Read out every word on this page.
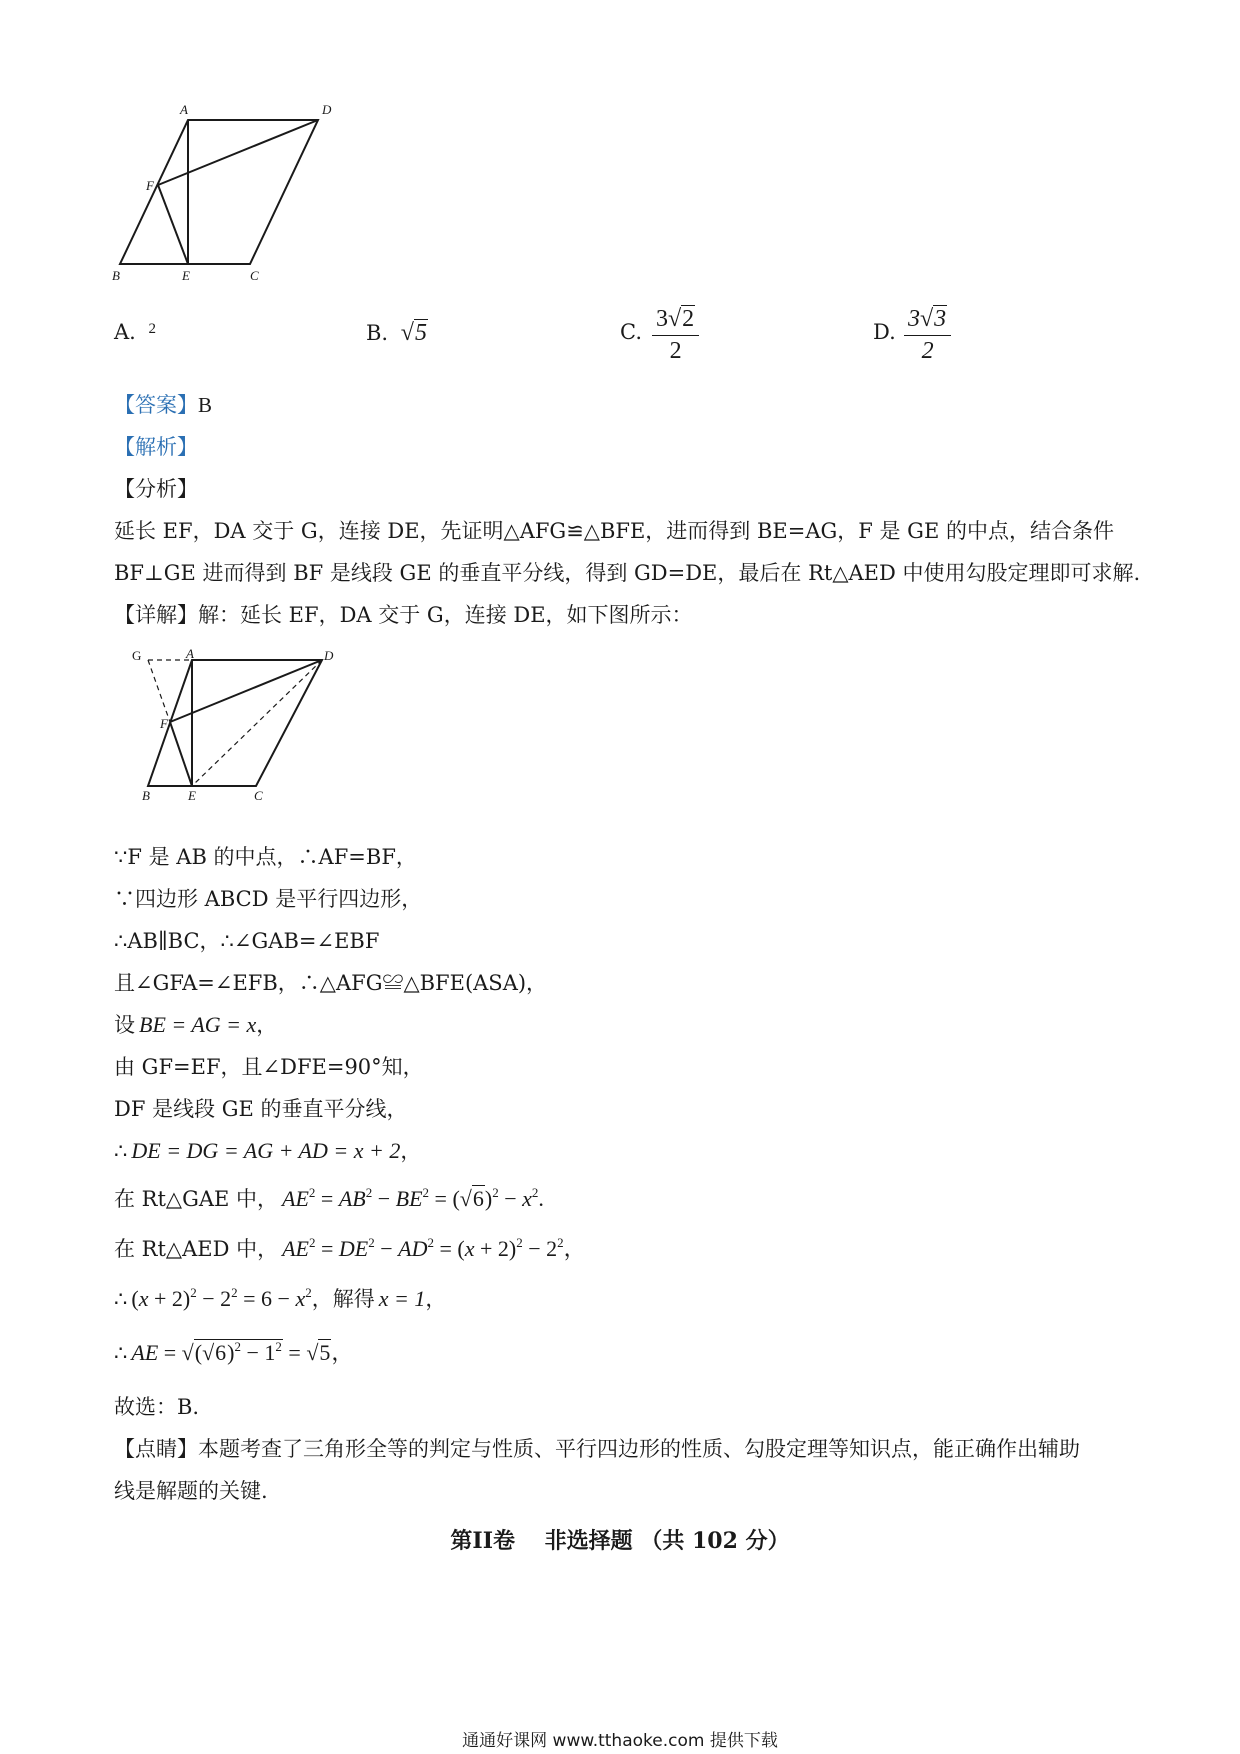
A	D
F
B	E	C
A. $^2$	B. √5	C. $\frac{3√2}{2}$	D. $\frac{3√3}{2}$
【答案】B
【解析】
【分析】
延长 EF，DA 交于 G，连接 DE，先证明△AFG≌△BFE，进而得到 BE=AG，F 是 GE 的中点，结合条件
BF⊥GE 进而得到 BF 是线段 GE 的垂直平分线，得到 GD=DE，最后在 Rt△AED 中使用勾股定理即可求解.
【详解】解：延长 EF，DA 交于 G，连接 DE，如下图所示：
G	A	D
F
B	E	C
∵F 是 AB 的中点，∴AF=BF，
∵四边形 ABCD 是平行四边形，
∴AB∥BC，∴∠GAB=∠EBF
且∠GFA=∠EFB，∴△AFG≌△BFE(ASA)，
设 BE = AG = x，
由 GF=EF，且∠DFE=90°知，
DF 是线段 GE 的垂直平分线，
∴ DE = DG = AG + AD = x + 2，
在 Rt△GAE 中， $AE^2 = AB^2 - BE^2 = (√6)^2 - x^2$.
在 Rt△AED 中， $AE^2 = DE^2 - AD^2 = (x + 2)^2 - 2^2$，
∴ $(x + 2)^2 - 2^2 = 6 - x^2$，解得 x = 1，
∴ AE = $√(√6)^2 - 1^2 = √5$，
故选：B.
【点睛】本题考查了三角形全等的判定与性质、平行四边形的性质、勾股定理等知识点，能正确作出辅助
线是解题的关键.
第II卷　 非选择题 （共 102 分）
通通好课网 www.tthaoke.com 提供下载
